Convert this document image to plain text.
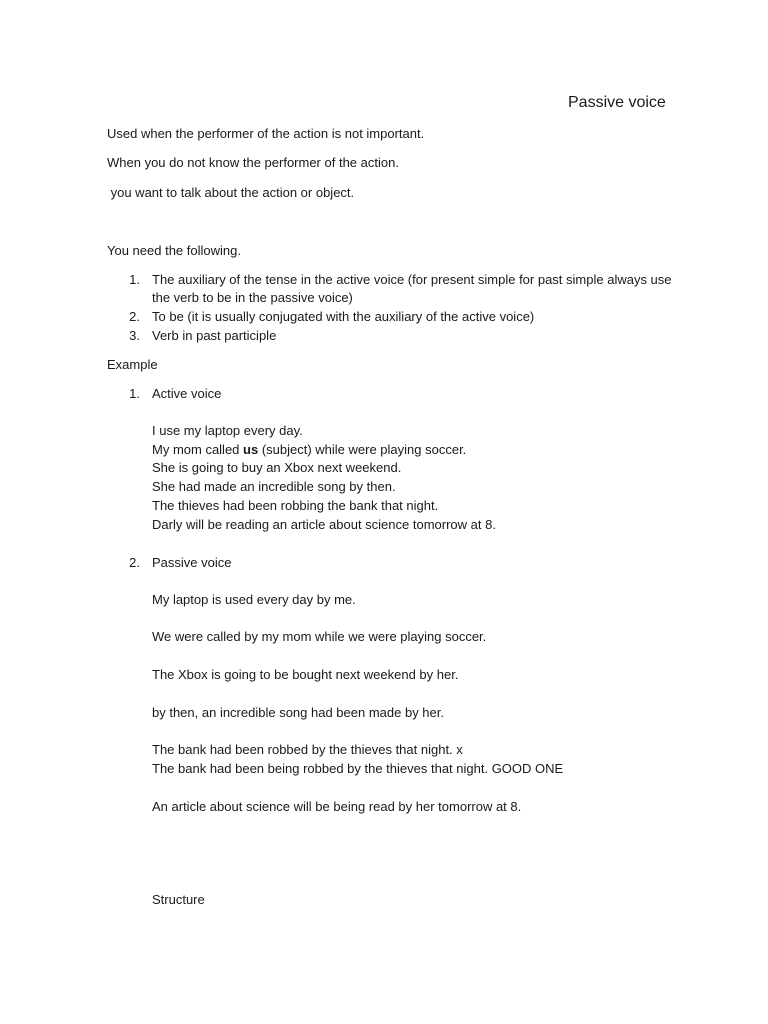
Passive voice
Used when the performer of the action is not important.
When you do not know the performer of the action.
you want to talk about the action or object.
You need the following.
1. The auxiliary of the tense in the active voice (for present simple for past simple always use
the verb to be in the passive voice)
2. To be (it is usually conjugated with the auxiliary of the active voice)
3. Verb in past participle
Example
1. Active voice
I use my laptop every day.
My mom called us (subject) while were playing soccer.
She is going to buy an Xbox next weekend.
She had made an incredible song by then.
The thieves had been robbing the bank that night.
Darly will be reading an article about science tomorrow at 8.
2. Passive voice
My laptop is used every day by me.
We were called by my mom while we were playing soccer.
The Xbox is going to be bought next weekend by her.
by then, an incredible song had been made by her.
The bank had been robbed by the thieves that night. x
The bank had been being robbed by the thieves that night. GOOD ONE
An article about science will be being read by her tomorrow at 8.
Structure
